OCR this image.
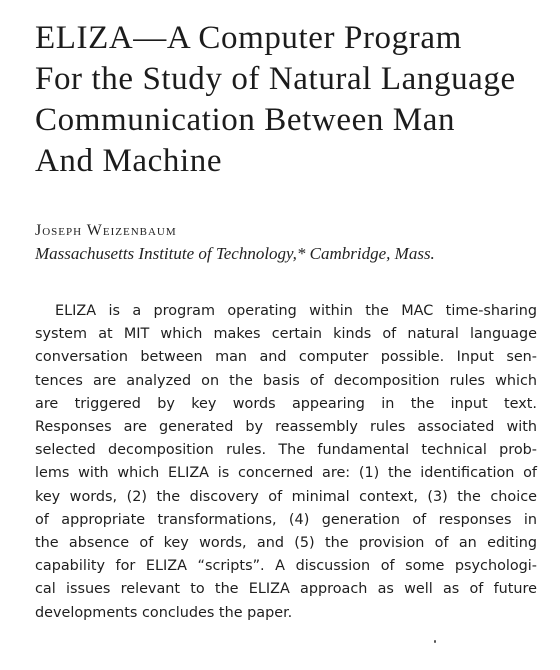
ELIZA—A Computer Program
For the Study of Natural Language
Communication Between Man
And Machine
Joseph Weizenbaum
Massachusetts Institute of Technology,* Cambridge, Mass.
ELIZA is a program operating within the MAC time-sharing
system at MIT which makes certain kinds of natural language
conversation between man and computer possible. Input sen-
tences are analyzed on the basis of decomposition rules which
are triggered by key words appearing in the input text.
Responses are generated by reassembly rules associated with
selected decomposition rules. The fundamental technical prob-
lems with which ELIZA is concerned are: (1) the identification of
key words, (2) the discovery of minimal context, (3) the choice
of appropriate transformations, (4) generation of responses in
the absence of key words, and (5) the provision of an editing
capability for ELIZA “scripts”. A discussion of some psychologi-
cal issues relevant to the ELIZA approach as well as of future
developments concludes the paper.
